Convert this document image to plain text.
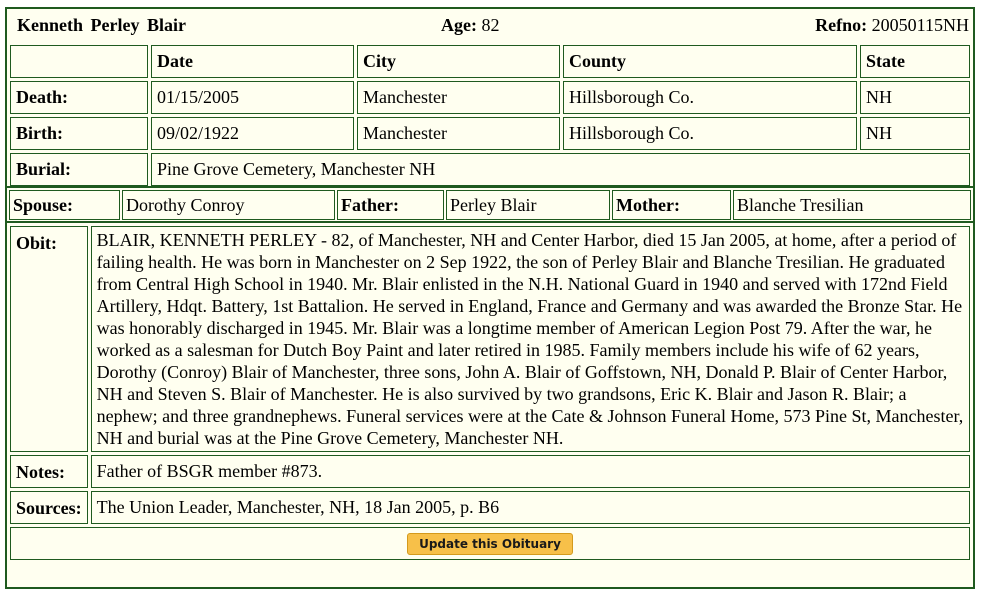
Kenneth Perley Blair	Age: 82	Refno: 20050115NH
	Date	City	County	State
Death:	01/15/2005	Manchester	Hillsborough Co.	NH
Birth:	09/02/1922	Manchester	Hillsborough Co.	NH
Burial:	Pine Grove Cemetery, Manchester NH			
Spouse:	Dorothy Conroy	Father:	Perley Blair	Mother:	Blanche Tresilian
Obit:	BLAIR, KENNETH PERLEY - 82, of Manchester, NH and Center Harbor, died 15 Jan 2005, at home, after a period of failing health. He was born in Manchester on 2 Sep 1922, the son of Perley Blair and Blanche Tresilian. He graduated from Central High School in 1940. Mr. Blair enlisted in the N.H. National Guard in 1940 and served with 172nd Field Artillery, Hdqt. Battery, 1st Battalion. He served in England, France and Germany and was awarded the Bronze Star. He was honorably discharged in 1945. Mr. Blair was a longtime member of American Legion Post 79. After the war, he worked as a salesman for Dutch Boy Paint and later retired in 1985. Family members include his wife of 62 years, Dorothy (Conroy) Blair of Manchester, three sons, John A. Blair of Goffstown, NH, Donald P. Blair of Center Harbor, NH and Steven S. Blair of Manchester. He is also survived by two grandsons, Eric K. Blair and Jason R. Blair; a nephew; and three grandnephews. Funeral services were at the Cate & Johnson Funeral Home, 573 Pine St, Manchester, NH and burial was at the Pine Grove Cemetery, Manchester NH.
Notes:	Father of BSGR member #873.
Sources:	The Union Leader, Manchester, NH, 18 Jan 2005, p. B6
Update this Obituary	
